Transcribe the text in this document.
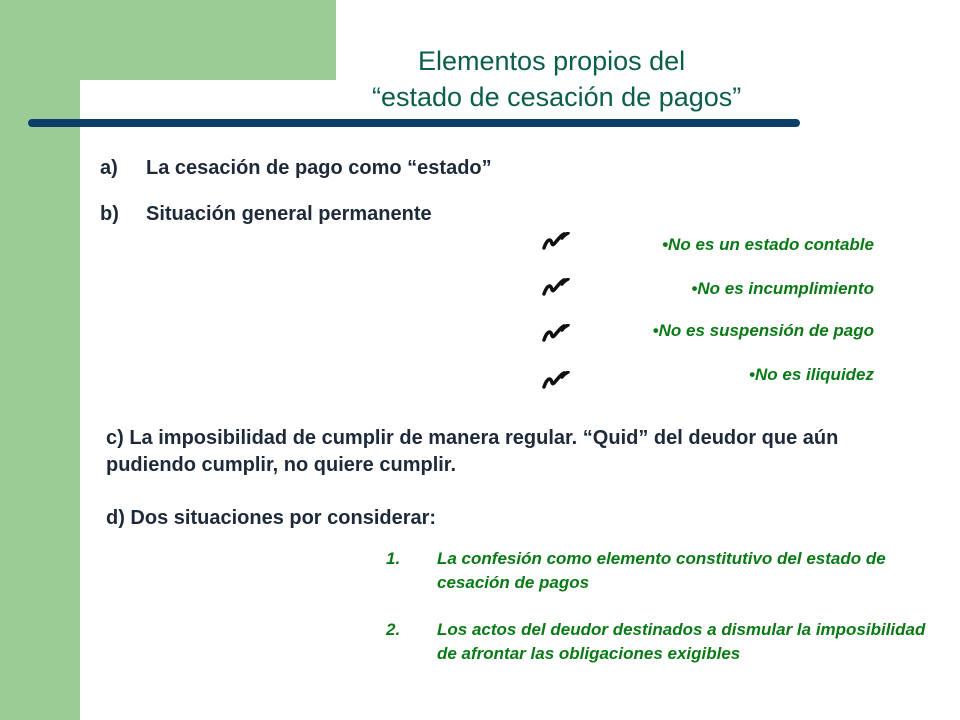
Elementos propios del
“estado de cesación de pagos”
a) La cesación de pago como “estado”
b) Situación general permanente
•No es un estado contable
•No es incumplimiento
•No es suspensión de pago
•No es iliquidez
c) La imposibilidad de cumplir de manera regular. “Quid” del deudor que aún pudiendo cumplir, no quiere cumplir.
d) Dos situaciones por considerar:
1.	La confesión como elemento constitutivo del estado de cesación de pagos
2.	Los actos del deudor destinados a dismular la imposibilidad de afrontar las obligaciones exigibles
